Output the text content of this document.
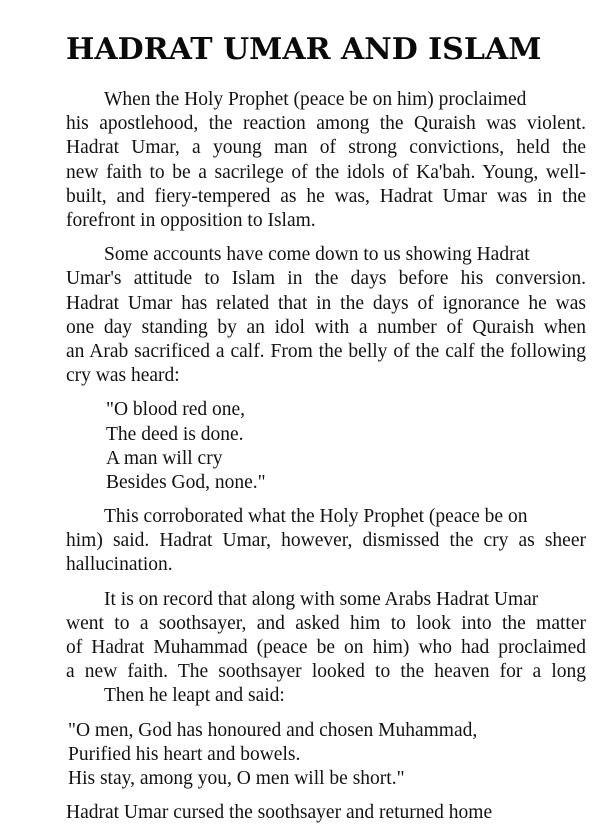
HADRAT UMAR AND ISLAM
When the Holy Prophet (peace be on him) proclaimed
his apostlehood, the reaction among the Quraish was violent.
Hadrat Umar, a young man of strong convictions, held the
new faith to be a sacrilege of the idols of Ka'bah. Young, well-
built, and fiery-tempered as he was, Hadrat Umar was in the
forefront in opposition to Islam.
Some accounts have come down to us showing Hadrat
Umar's attitude to Islam in the days before his conversion.
Hadrat Umar has related that in the days of ignorance he was
one day standing by an idol with a number of Quraish when
an Arab sacrificed a calf. From the belly of the calf the following
cry was heard:
"O blood red one,
The deed is done.
A man will cry
Besides God, none."
This corroborated what the Holy Prophet (peace be on
him) said. Hadrat Umar, however, dismissed the cry as sheer
hallucination.
It is on record that along with some Arabs Hadrat Umar
went to a soothsayer, and asked him to look into the matter
of Hadrat Muhammad (peace be on him) who had proclaimed
a new faith. The soothsayer looked to the heaven for a long
Then he leapt and said:
"O men, God has honoured and chosen Muhammad,
Purified his heart and bowels.
His stay, among you, O men will be short."
Hadrat Umar cursed the soothsayer and returned home
